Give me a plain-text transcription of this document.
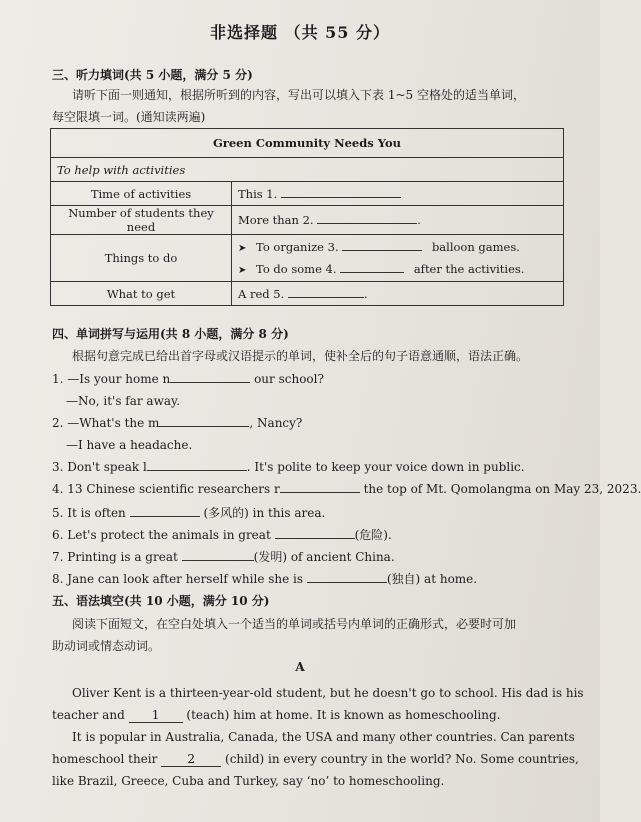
非选择题 （共 55 分）
三、听力填词(共 5 小题，满分 5 分)
请听下面一则通知，根据所听到的内容，写出可以填入下表 1~5 空格处的适当单词，
每空限填一词。(通知读两遍)
Green Community Needs You	
To help with activities	
Time of activities	This 1.
Number of students they need	More than 2. .
Things to do	➤ To organize 3. balloon games.
➤ To do some 4. after the activities.

What to get	A red 5. .
四、单词拼写与运用(共 8 小题，满分 8 分)
根据句意完成已给出首字母或汉语提示的单词，使补全后的句子语意通顺，语法正确。
1. —Is your home n	our school?
—No, it's far away.
2. —What's the m	, Nancy?
—I have a headache.
3. Don't speak l	. It's polite to keep your voice down in public.
4. 13 Chinese scientific researchers r	the top of Mt. Qomolangma on May 23, 2023.
5. It is often	(多风的) in this area.
6. Let's protect the animals in great	(危险).
7. Printing is a great	(发明) of ancient China.
8. Jane can look after herself while she is	(独自) at home.
五、语法填空(共 10 小题，满分 10 分)
阅读下面短文，在空白处填入一个适当的单词或括号内单词的正确形式，必要时可加
助动词或情态动词。
A
Oliver Kent is a thirteen-year-old student, but he doesn't go to school. His dad is his
teacher and 1 (teach) him at home. It is known as homeschooling.
It is popular in Australia, Canada, the USA and many other countries. Can parents
homeschool their	2	(child) in every country in the world? No. Some countries,
like Brazil, Greece, Cuba and Turkey, say ‘no’ to homeschooling.
